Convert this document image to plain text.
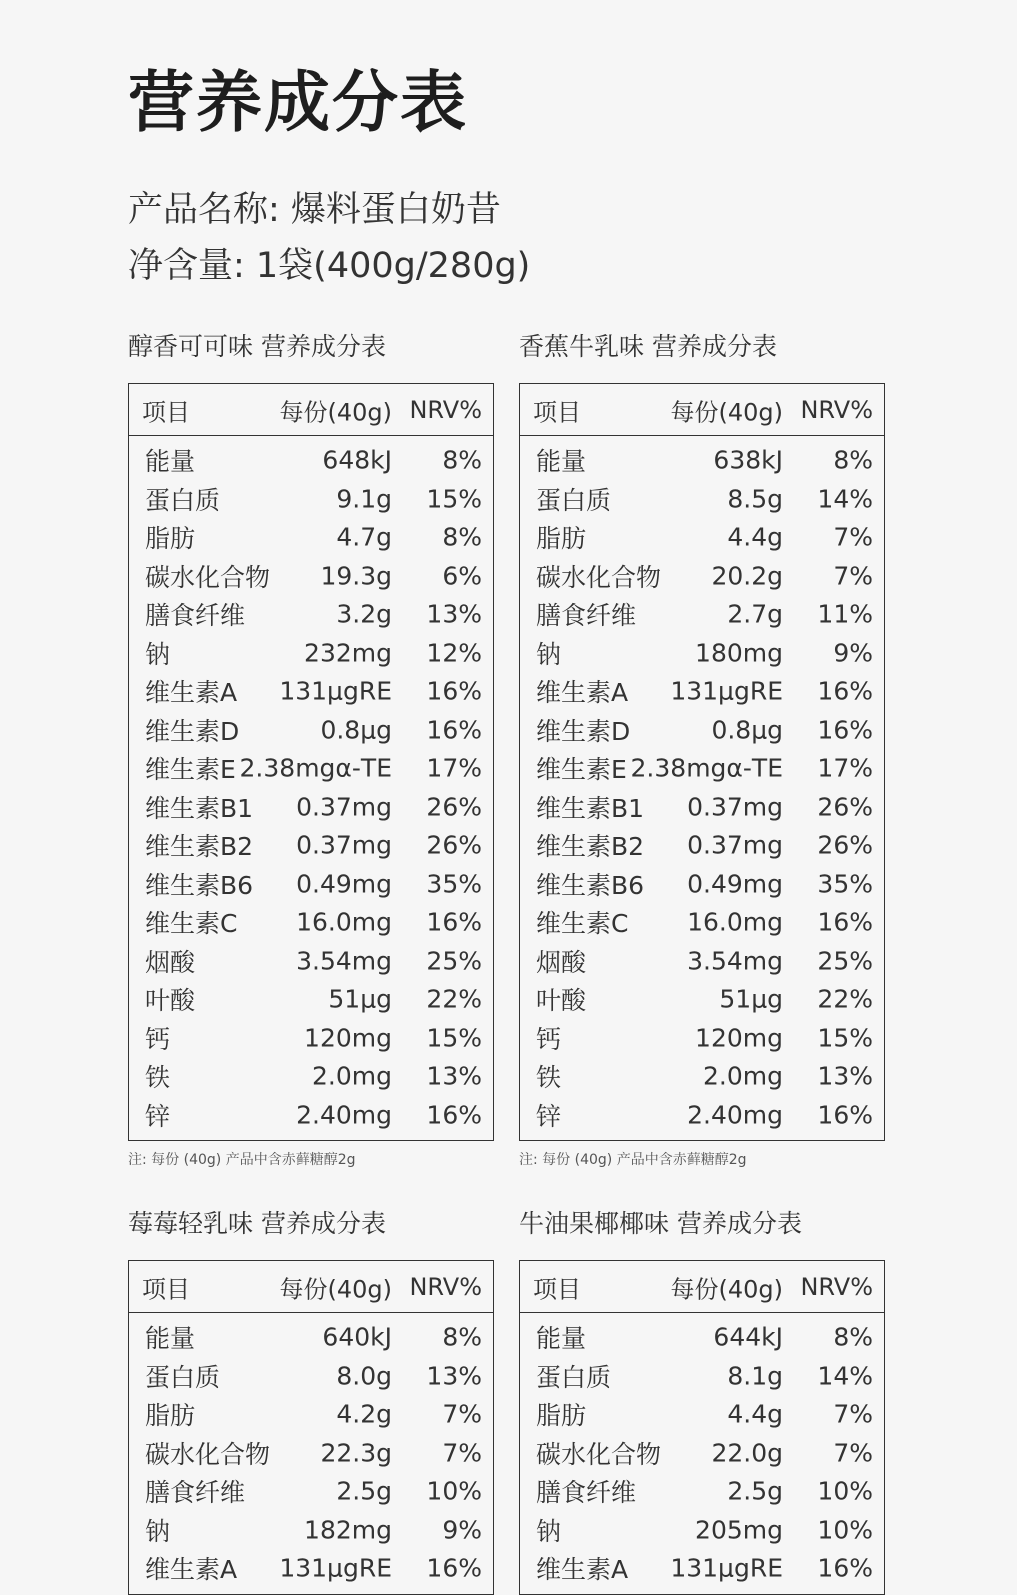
营养成分表
产品名称: 爆料蛋白奶昔
净含量: 1袋(400g/280g)
醇香可可味 营养成分表
项目	每份(40g) NRV%
能量	648kJ 8%
蛋白质	9.1g 15%
脂肪	4.7g 8%
碳水化合物 19.3g 6%
膳食纤维	3.2g 13%
钠	232mg 12%
维生素A 131μgRE 16%
维生素D	0.8μg 16%
维生素E 2.38mgα-TE 17%
维生素B1 0.37mg 26%
维生素B2 0.37mg 26%
维生素B6 0.49mg 35%
维生素C 16.0mg 16%
烟酸	3.54mg 25%
叶酸	51μg 22%
钙	120mg 15%
铁	2.0mg 13%
锌	2.40mg 16%
注: 每份 (40g) 产品中含赤藓糖醇2g
香蕉牛乳味 营养成分表
项目	每份(40g) NRV%
能量	638kJ 8%
蛋白质	8.5g 14%
脂肪	4.4g 7%
碳水化合物 20.2g 7%
膳食纤维	2.7g 11%
钠	180mg 9%
维生素A 131μgRE 16%
维生素D	0.8μg 16%
维生素E 2.38mgα-TE 17%
维生素B1 0.37mg 26%
维生素B2 0.37mg 26%
维生素B6 0.49mg 35%
维生素C 16.0mg 16%
烟酸	3.54mg 25%
叶酸	51μg 22%
钙	120mg 15%
铁	2.0mg 13%
锌	2.40mg 16%
注: 每份 (40g) 产品中含赤藓糖醇2g
莓莓轻乳味 营养成分表
项目	每份(40g) NRV%
能量	640kJ 8%
蛋白质	8.0g 13%
脂肪	4.2g 7%
碳水化合物 22.3g 7%
膳食纤维	2.5g 10%
钠	182mg 9%
维生素A 131μgRE 16%
牛油果椰椰味 营养成分表
项目	每份(40g) NRV%
能量	644kJ 8%
蛋白质	8.1g 14%
脂肪	4.4g 7%
碳水化合物 22.0g 7%
膳食纤维	2.5g 10%
钠	205mg 10%
维生素A 131μgRE 16%
